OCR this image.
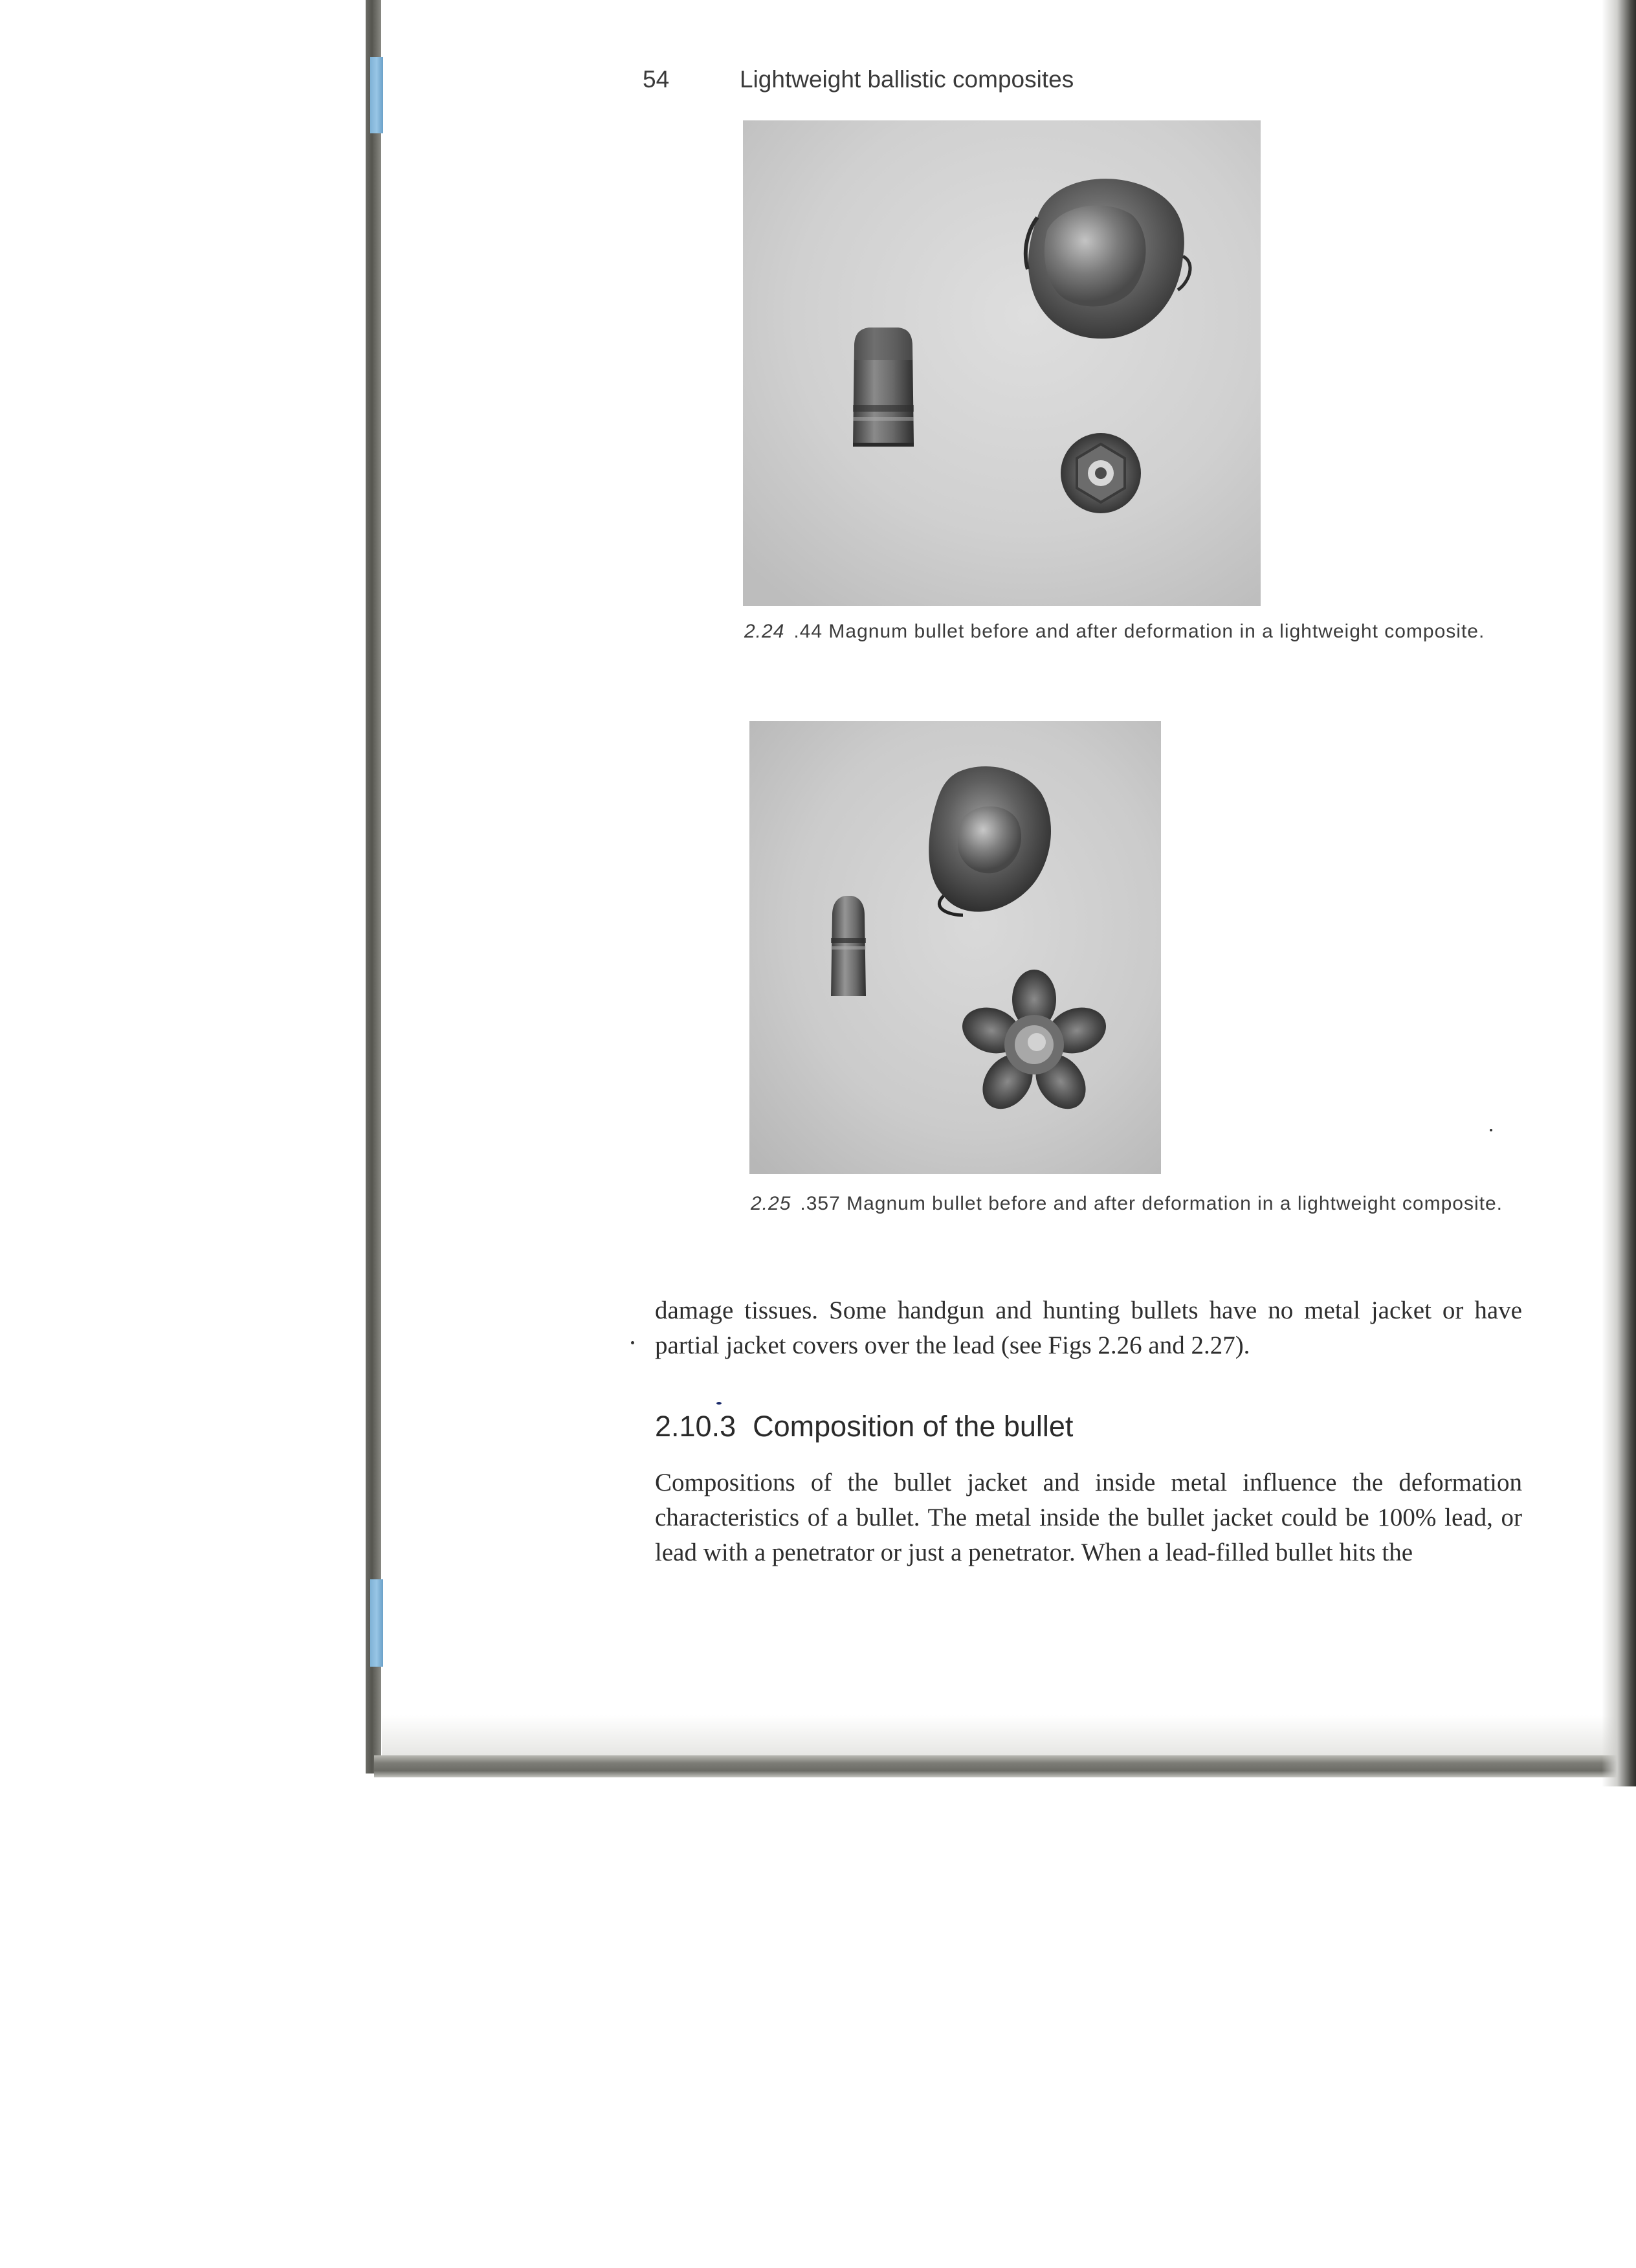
54	Lightweight ballistic composites
2.24 .44 Magnum bullet before and after deformation in a lightweight composite.
2.25 .357 Magnum bullet before and after deformation in a lightweight composite.

damage tissues. Some handgun and hunting bullets have no metal jacket or have partial jacket covers over the lead (see Figs 2.26 and 2.27).

2.10.3 Composition of the bullet

Compositions of the bullet jacket and inside metal influence the deformation characteristics of a bullet. The metal inside the bullet jacket could be 100% lead, or lead with a penetrator or just a penetrator. When a lead-filled bullet hits the
